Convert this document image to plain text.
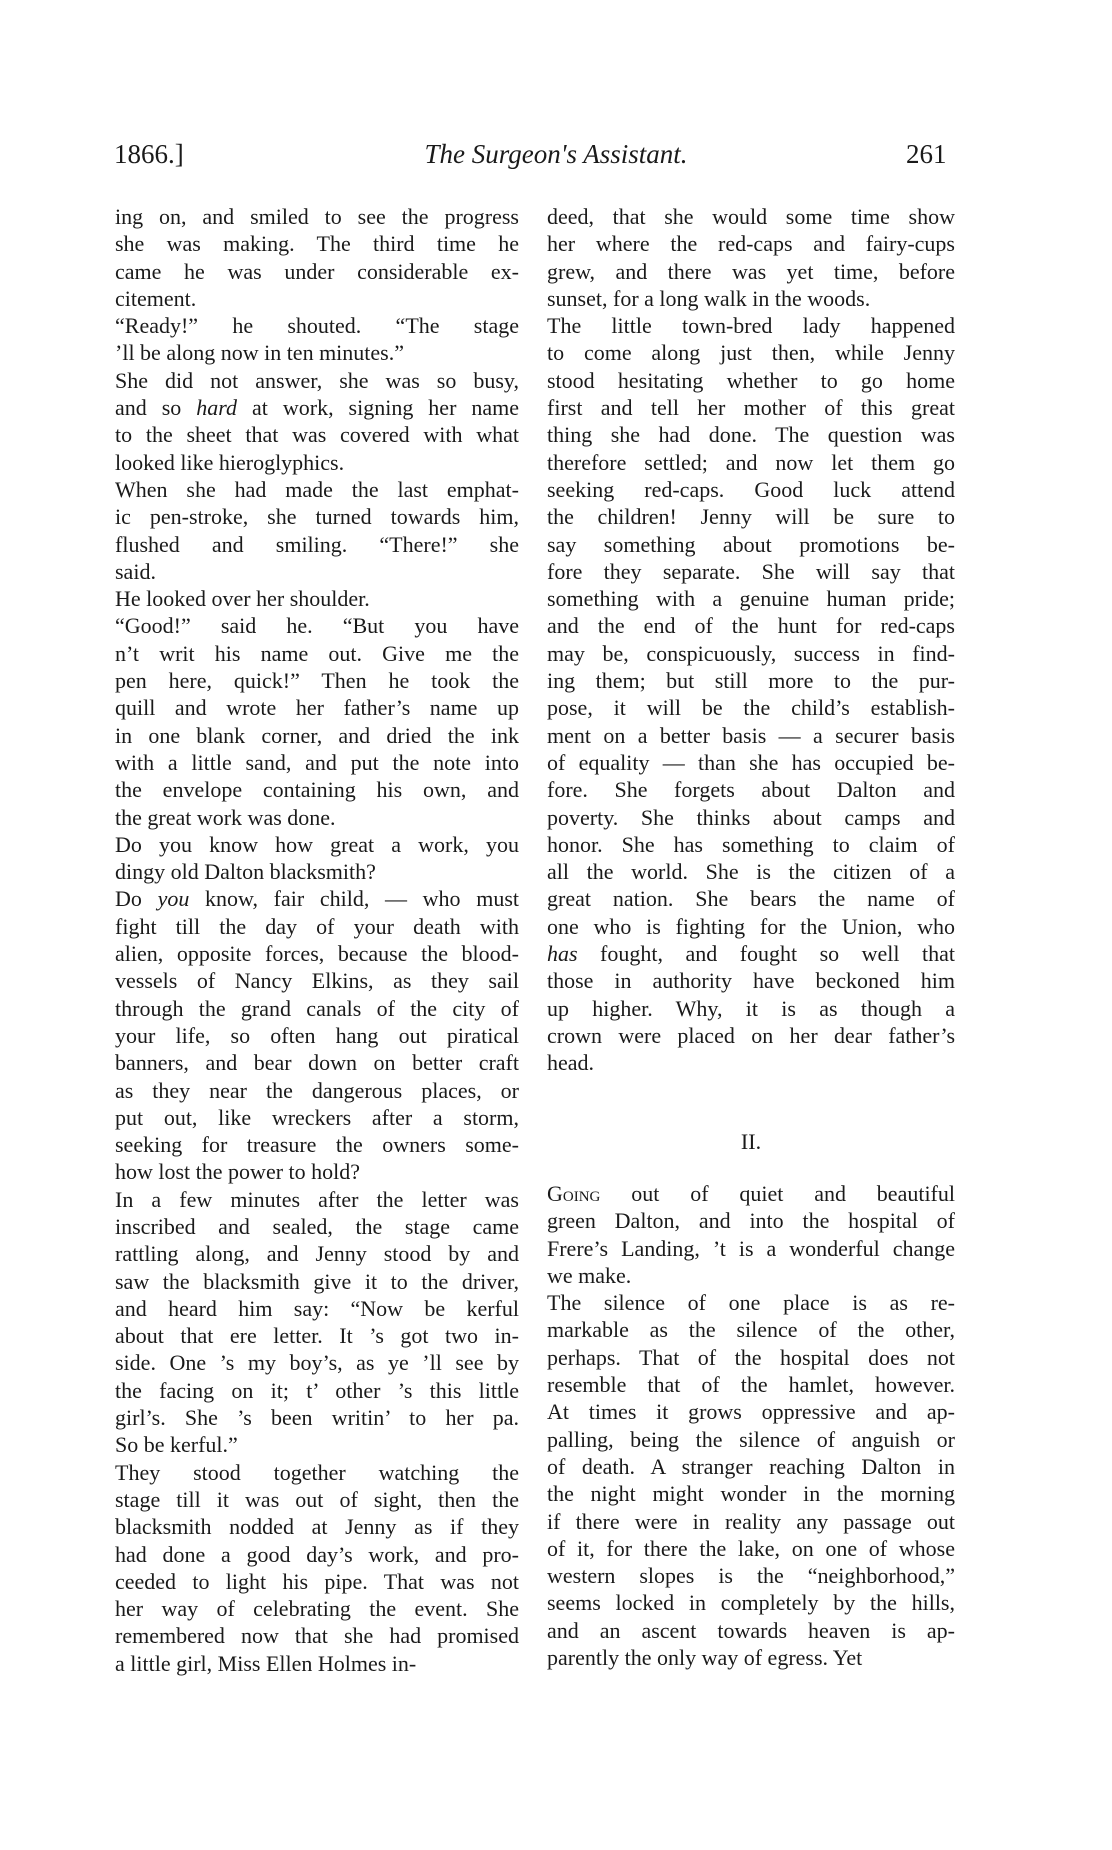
1866.]	The Surgeon's Assistant.	261
ing on, and smiled to see the progress
she was making. The third time he
came he was under considerable ex-
citement.
“Ready!” he shouted. “The stage
’ll be along now in ten minutes.”
She did not answer, she was so busy,
and so hard at work, signing her name
to the sheet that was covered with what
looked like hieroglyphics.
When she had made the last emphat-
ic pen-stroke, she turned towards him,
flushed and smiling. “There!” she
said.
He looked over her shoulder.
“Good!” said he. “But you have
n’t writ his name out. Give me the
pen here, quick!” Then he took the
quill and wrote her father’s name up
in one blank corner, and dried the ink
with a little sand, and put the note into
the envelope containing his own, and
the great work was done.
Do you know how great a work, you
dingy old Dalton blacksmith?
Do you know, fair child, — who must
fight till the day of your death with
alien, opposite forces, because the blood-
vessels of Nancy Elkins, as they sail
through the grand canals of the city of
your life, so often hang out piratical
banners, and bear down on better craft
as they near the dangerous places, or
put out, like wreckers after a storm,
seeking for treasure the owners some-
how lost the power to hold?
In a few minutes after the letter was
inscribed and sealed, the stage came
rattling along, and Jenny stood by and
saw the blacksmith give it to the driver,
and heard him say: “Now be kerful
about that ere letter. It ’s got two in-
side. One ’s my boy’s, as ye ’ll see by
the facing on it; t’ other ’s this little
girl’s. She ’s been writin’ to her pa.
So be kerful.”
They stood together watching the
stage till it was out of sight, then the
blacksmith nodded at Jenny as if they
had done a good day’s work, and pro-
ceeded to light his pipe. That was not
her way of celebrating the event. She
remembered now that she had promised
a little girl, Miss Ellen Holmes in-
deed, that she would some time show
her where the red-caps and fairy-cups
grew, and there was yet time, before
sunset, for a long walk in the woods.
The little town-bred lady happened
to come along just then, while Jenny
stood hesitating whether to go home
first and tell her mother of this great
thing she had done. The question was
therefore settled; and now let them go
seeking red-caps. Good luck attend
the children! Jenny will be sure to
say something about promotions be-
fore they separate. She will say that
something with a genuine human pride;
and the end of the hunt for red-caps
may be, conspicuously, success in find-
ing them; but still more to the pur-
pose, it will be the child’s establish-
ment on a better basis — a securer basis
of equality — than she has occupied be-
fore. She forgets about Dalton and
poverty. She thinks about camps and
honor. She has something to claim of
all the world. She is the citizen of a
great nation. She bears the name of
one who is fighting for the Union, who
has fought, and fought so well that
those in authority have beckoned him
up higher. Why, it is as though a
crown were placed on her dear father’s
head.
II.
Going out of quiet and beautiful
green Dalton, and into the hospital of
Frere’s Landing, ’t is a wonderful change
we make.
The silence of one place is as re-
markable as the silence of the other,
perhaps. That of the hospital does not
resemble that of the hamlet, however.
At times it grows oppressive and ap-
palling, being the silence of anguish or
of death. A stranger reaching Dalton in
the night might wonder in the morning
if there were in reality any passage out
of it, for there the lake, on one of whose
western slopes is the “neighborhood,”
seems locked in completely by the hills,
and an ascent towards heaven is ap-
parently the only way of egress. Yet
